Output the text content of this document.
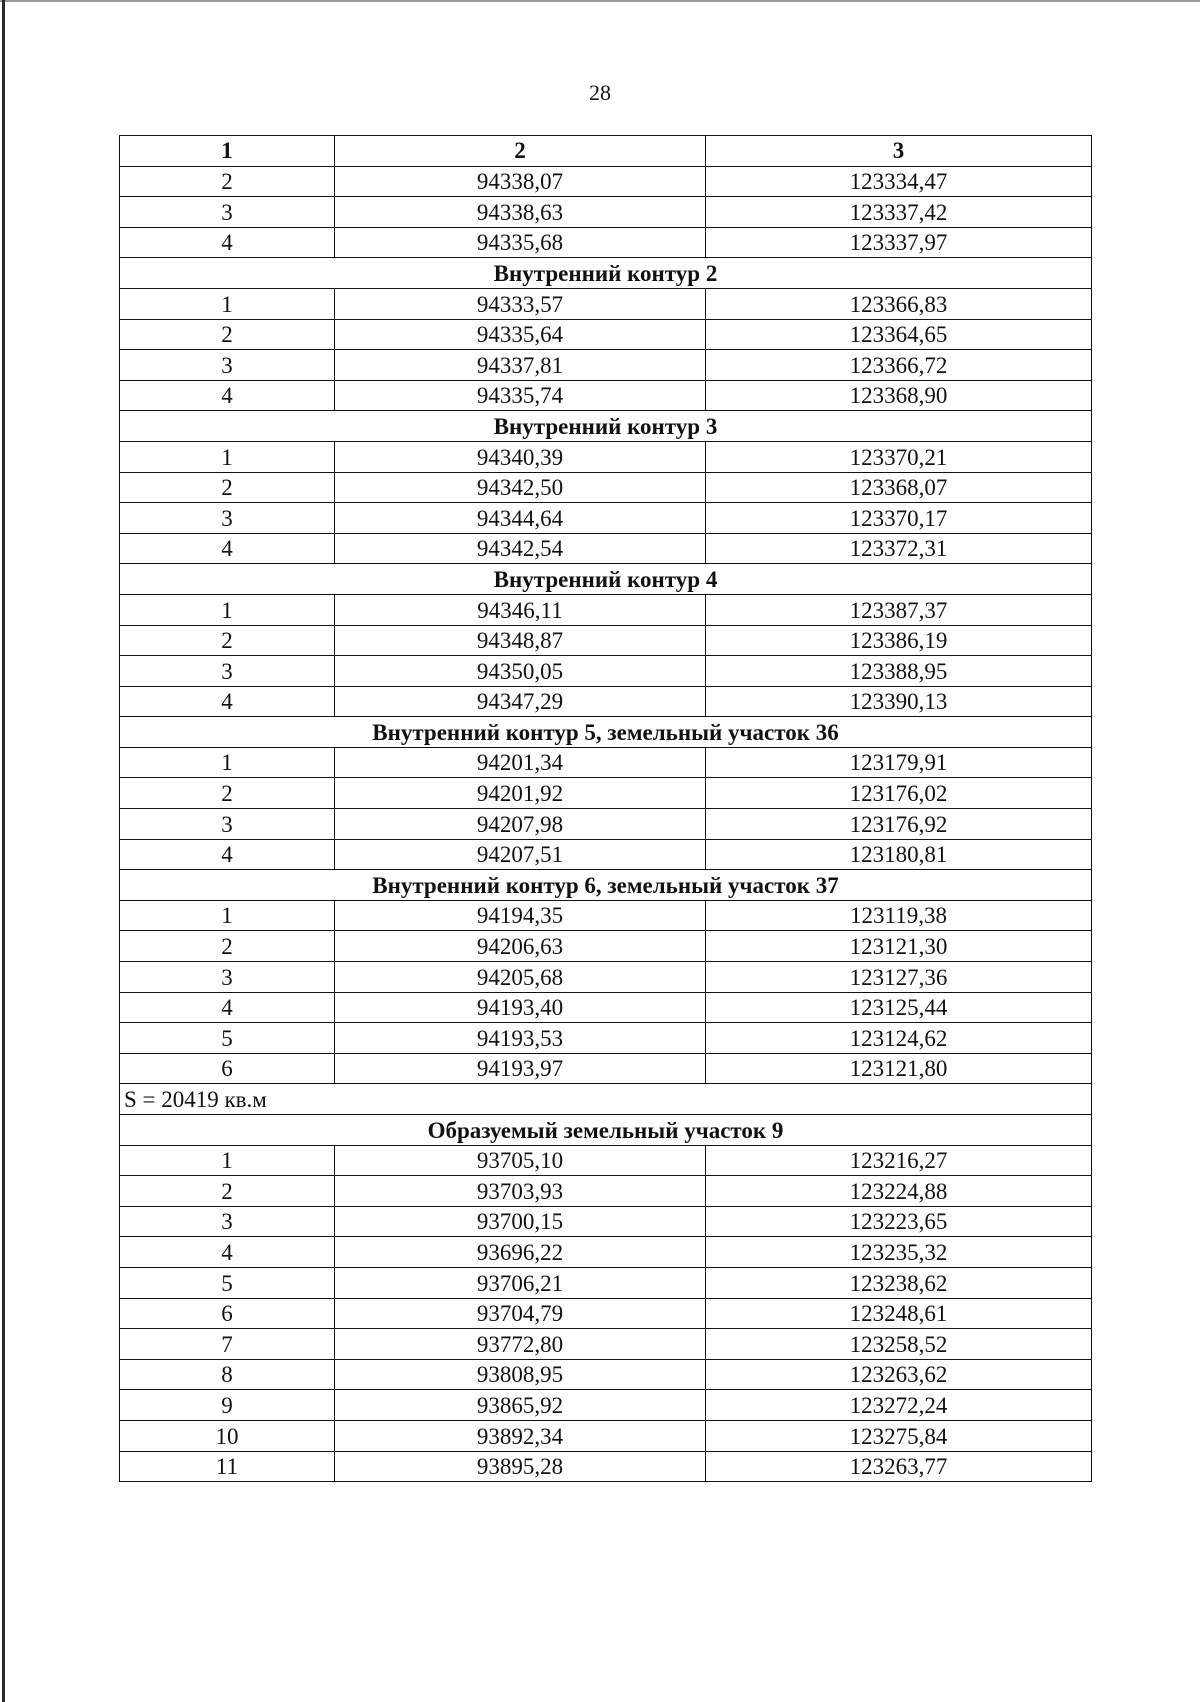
28
1	2	3
2	94338,07	123334,47
3	94338,63	123337,42
4	94335,68	123337,97
Внутренний контур 2		
1	94333,57	123366,83
2	94335,64	123364,65
3	94337,81	123366,72
4	94335,74	123368,90
Внутренний контур 3		
1	94340,39	123370,21
2	94342,50	123368,07
3	94344,64	123370,17
4	94342,54	123372,31
Внутренний контур 4		
1	94346,11	123387,37
2	94348,87	123386,19
3	94350,05	123388,95
4	94347,29	123390,13
Внутренний контур 5, земельный участок 36		
1	94201,34	123179,91
2	94201,92	123176,02
3	94207,98	123176,92
4	94207,51	123180,81
Внутренний контур 6, земельный участок 37		
1	94194,35	123119,38
2	94206,63	123121,30
3	94205,68	123127,36
4	94193,40	123125,44
5	94193,53	123124,62
6	94193,97	123121,80
S = 20419 кв.м		
Образуемый земельный участок 9		
1	93705,10	123216,27
2	93703,93	123224,88
3	93700,15	123223,65
4	93696,22	123235,32
5	93706,21	123238,62
6	93704,79	123248,61
7	93772,80	123258,52
8	93808,95	123263,62
9	93865,92	123272,24
10	93892,34	123275,84
11	93895,28	123263,77
